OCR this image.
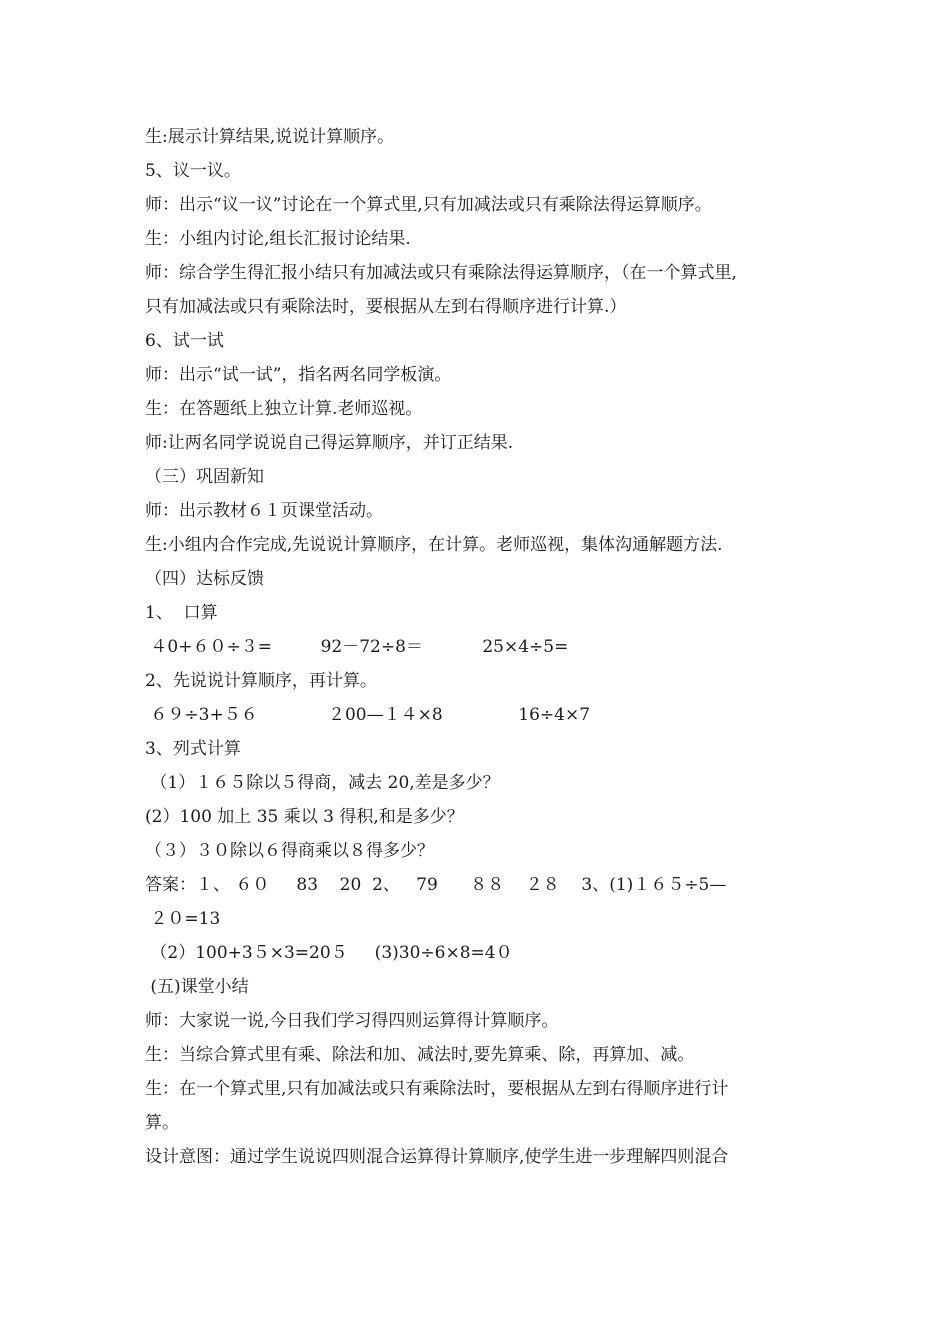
生:展示计算结果,说说计算顺序。
5、议一议。
师：出示“议一议”讨论在一个算式里,只有加减法或只有乘除法得运算顺序。
生：小组内讨论,组长汇报讨论结果.
师：综合学生得汇报小结只有加减法或只有乘除法得运算顺序，（在一个算式里,
只有加减法或只有乘除法时，要根据从左到右得顺序进行计算.）
6、试一试
师：出示“试一试”，指名两名同学板演。
生：在答题纸上独立计算.老师巡视。
师:让两名同学说说自己得运算顺序，并订正结果.
（三）巩固新知
师：出示教材６１页课堂活动。
生:小组内合作完成,先说说计算顺序，在计算。老师巡视，集体沟通解题方法.
（四）达标反馈
1、  口算
４0+６０÷３=         92－72÷8＝           25×4÷5=
2、先说说计算顺序，再计算。
６９÷3+５６             ２00—１４×8              16÷4×7
3、列式计算
（1）１６５除以５得商，减去 20,差是多少？
(2）100 加上 35 乘以 3 得积,和是多少？
（３）３０除以６得商乘以８得多少？
答案：１、 ６０     83    20  2、   79      ８８    ２８    3、(1)１６５÷5—
２０=13
（2）100+3５×3=20５     (3)30÷6×8=4０
(五)课堂小结
师：大家说一说,今日我们学习得四则运算得计算顺序。
生：当综合算式里有乘、除法和加、减法时,要先算乘、除，再算加、减。
生：在一个算式里,只有加减法或只有乘除法时，要根据从左到右得顺序进行计
算。
设计意图：通过学生说说四则混合运算得计算顺序,使学生进一步理解四则混合
